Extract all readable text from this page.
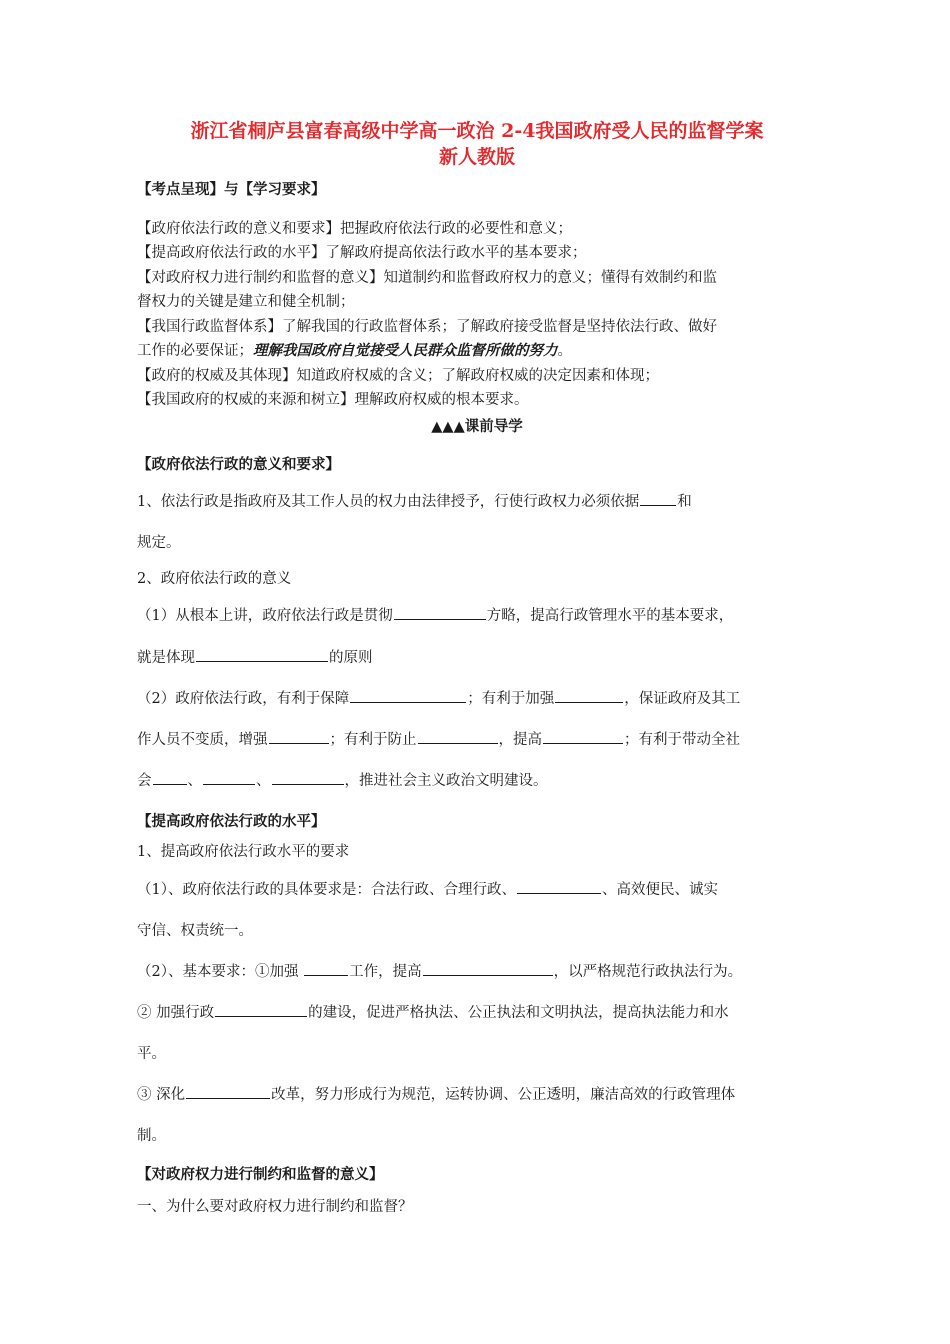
浙江省桐庐县富春高级中学高一政治 2-4我国政府受人民的监督学案

新人教版

【考点呈现】与【学习要求】

【政府依法行政的意义和要求】把握政府依法行政的必要性和意义；

【提高政府依法行政的水平】了解政府提高依法行政水平的基本要求；

【对政府权力进行制约和监督的意义】知道制约和监督政府权力的意义；懂得有效制约和监

督权力的关键是建立和健全机制；

【我国行政监督体系】了解我国的行政监督体系；了解政府接受监督是坚持依法行政、做好

工作的必要保证；理解我国政府自觉接受人民群众监督所做的努力。

【政府的权威及其体现】知道政府权威的含义；了解政府权威的决定因素和体现；

【我国政府的权威的来源和树立】理解政府权威的根本要求。

▲▲▲课前导学

【政府依法行政的意义和要求】

1、依法行政是指政府及其工作人员的权力由法律授予，行使行政权力必须依据	和

规定。

2、政府依法行政的意义

（1）从根本上讲，政府依法行政是贯彻	方略，提高行政管理水平的基本要求，

就是体现	的原则

（2）政府依法行政，有利于保障	；有利于加强	，保证政府及其工

作人员不变质，增强	；有利于防止	，提高	；有利于带动全社

会 、	、	，推进社会主义政治文明建设。

【提高政府依法行政的水平】

1、提高政府依法行政水平的要求

（1）、政府依法行政的具体要求是：合法行政、合理行政、	、高效便民、诚实

守信、权责统一。

（2）、基本要求：①加强	工作，提高	，以严格规范行政执法行为。

② 加强行政	的建设，促进严格执法、公正执法和文明执法，提高执法能力和水

平。

③ 深化	改革，努力形成行为规范，运转协调、公正透明，廉洁高效的行政管理体

制。

【对政府权力进行制约和监督的意义】

一、为什么要对政府权力进行制约和监督？
